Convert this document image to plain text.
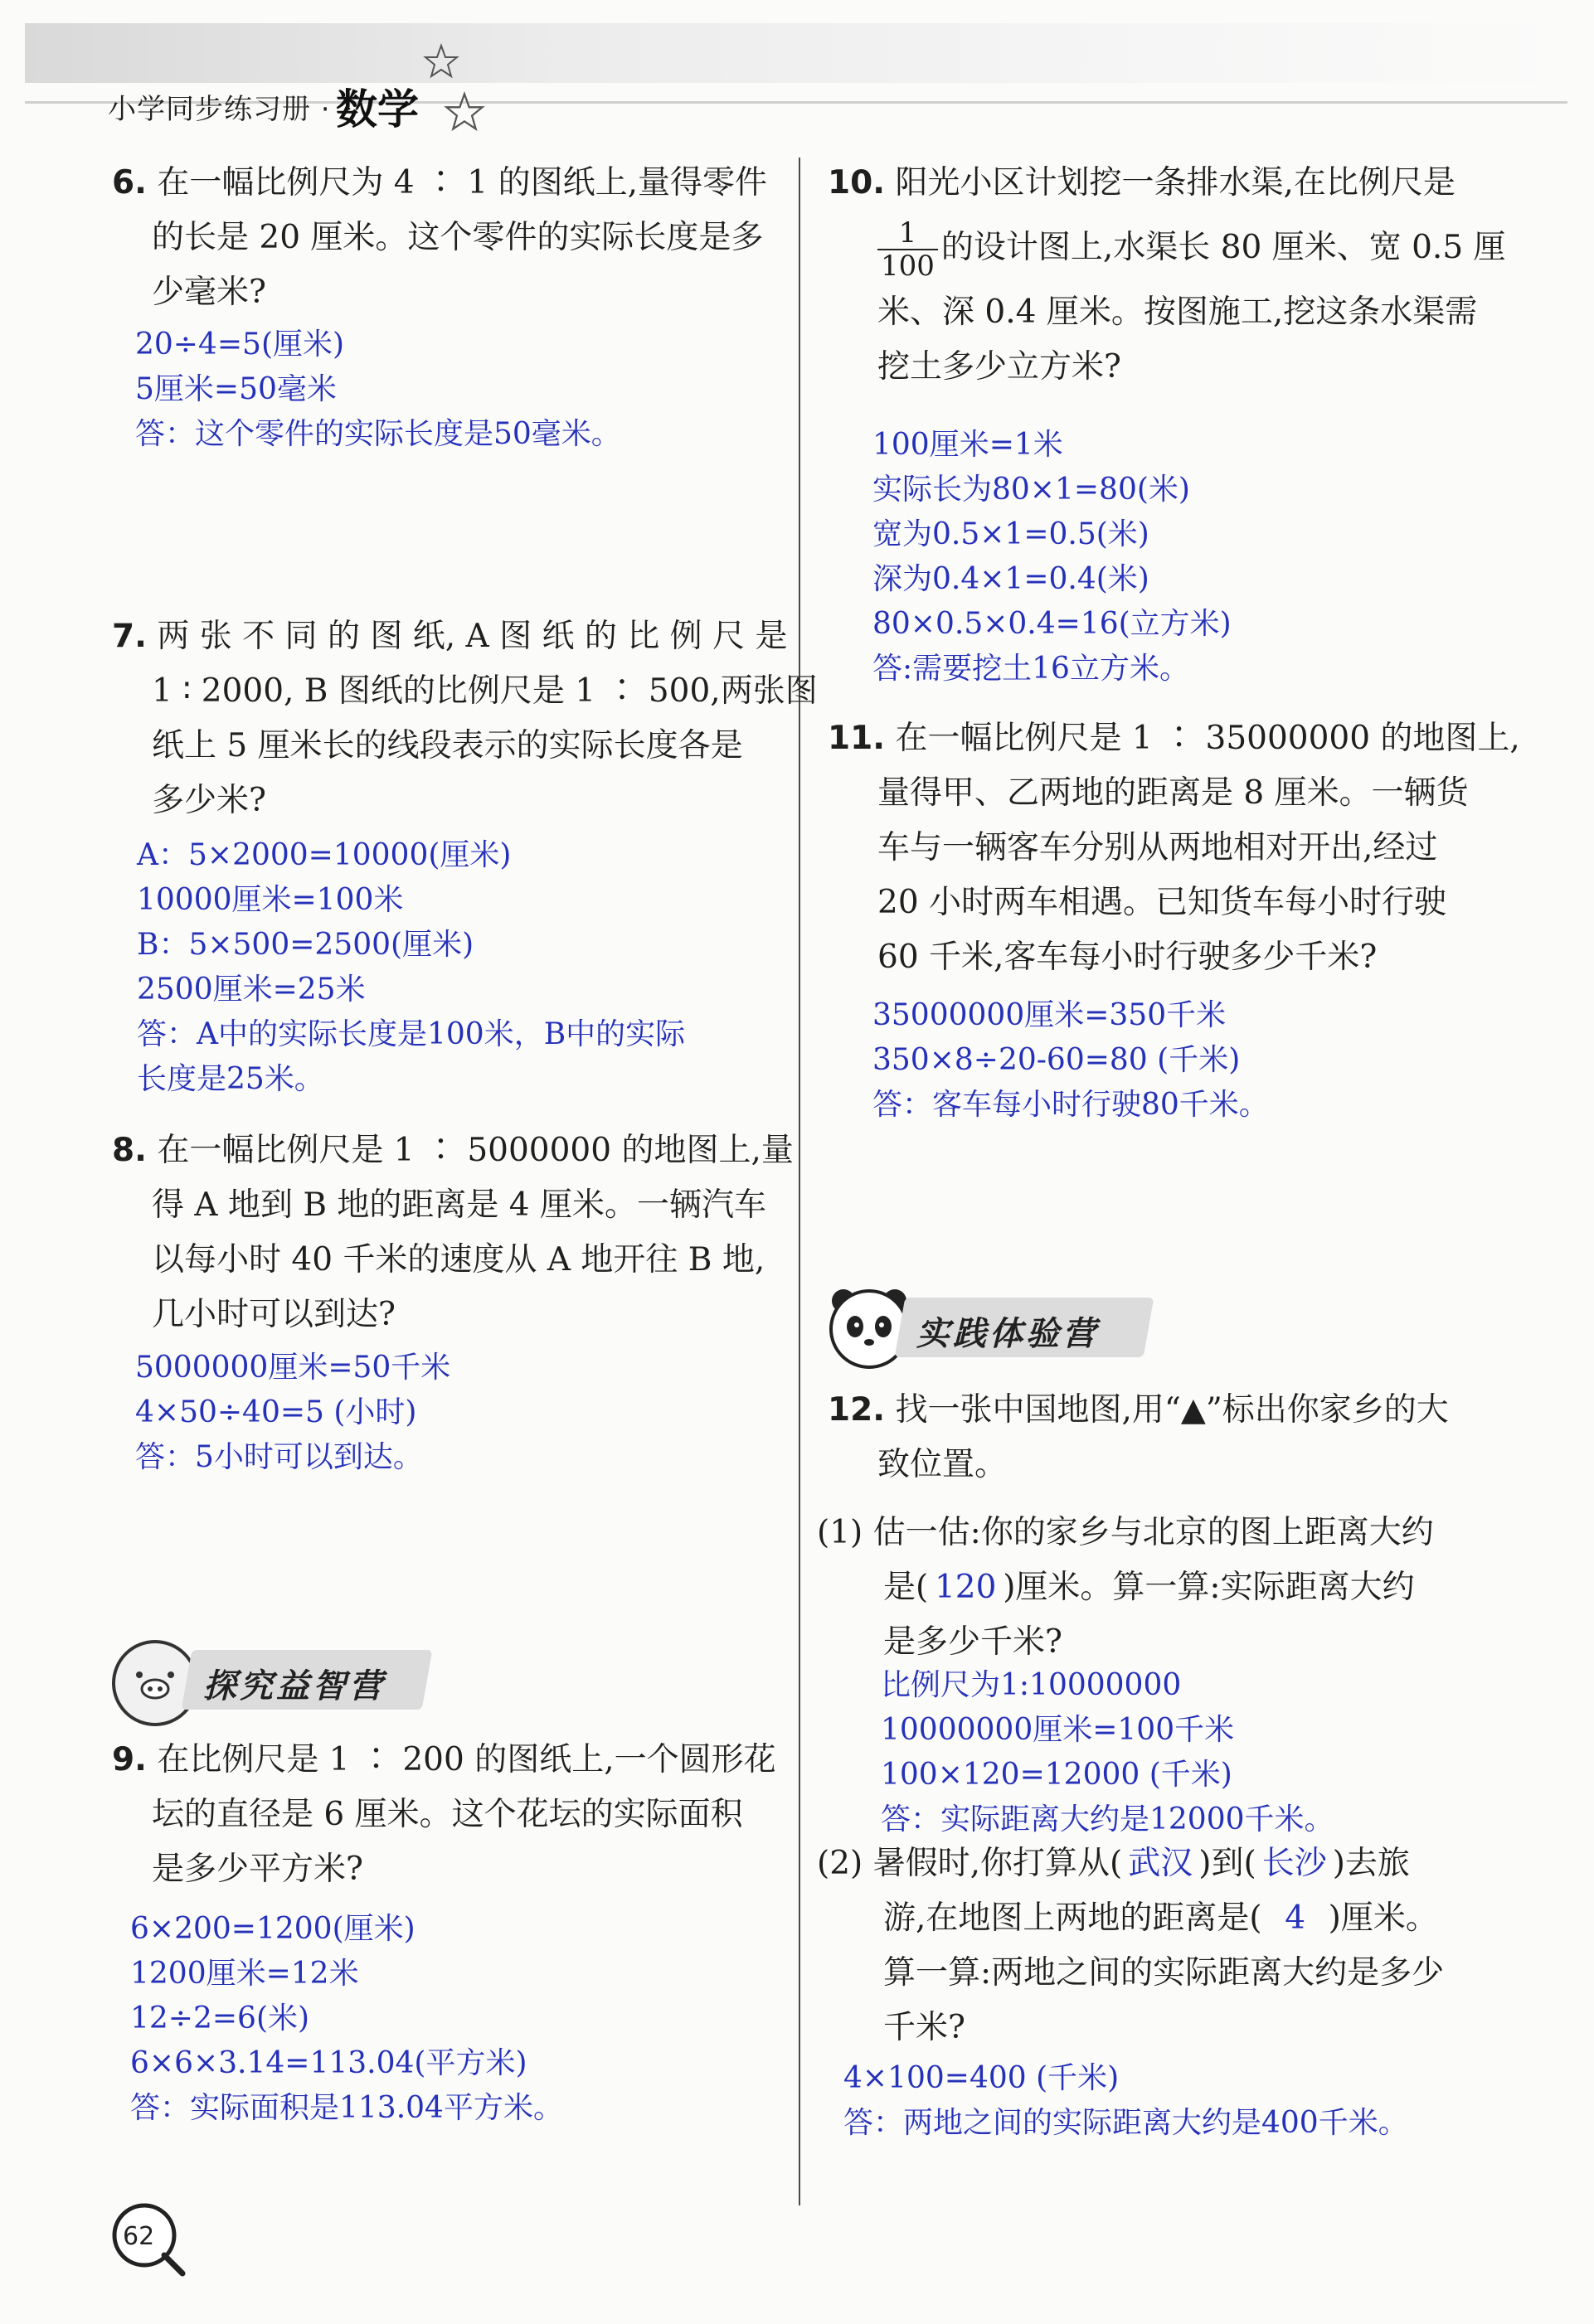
小学同步练习册 · 数学
6. 在一幅比例尺为 4 ∶ 1 的图纸上,量得零件
的长是 20 厘米。这个零件的实际长度是多
少毫米?
20÷4=5(厘米)
5厘米=50毫米
答：这个零件的实际长度是50毫米。
7. 两 张 不 同 的 图 纸, A 图 纸 的 比 例 尺 是
1 ∶ 2000, B 图纸的比例尺是 1 ∶ 500,两张图
纸上 5 厘米长的线段表示的实际长度各是
多少米?
A：5×2000=10000(厘米)
10000厘米=100米
B：5×500=2500(厘米)
2500厘米=25米
答：A中的实际长度是100米，B中的实际
长度是25米。
8. 在一幅比例尺是 1 ∶ 5000000 的地图上,量
得 A 地到 B 地的距离是 4 厘米。一辆汽车
以每小时 40 千米的速度从 A 地开往 B 地,
几小时可以到达?
5000000厘米=50千米
4×50÷40=5 (小时)
答：5小时可以到达。
探究益智营
9. 在比例尺是 1 ∶ 200 的图纸上,一个圆形花
坛的直径是 6 厘米。这个花坛的实际面积
是多少平方米?
6×200=1200(厘米)
1200厘米=12米
12÷2=6(米)
6×6×3.14=113.04(平方米)
答：实际面积是113.04平方米。
62
10. 阳光小区计划挖一条排水渠,在比例尺是
$\frac{1}{100}$ 的设计图上,水渠长 80 厘米、宽 0.5 厘
米、深 0.4 厘米。按图施工,挖这条水渠需
挖土多少立方米?
100厘米=1米
实际长为80×1=80(米)
宽为0.5×1=0.5(米)
深为0.4×1=0.4(米)
80×0.5×0.4=16(立方米)
答:需要挖土16立方米。
11. 在一幅比例尺是 1 ∶ 35000000 的地图上,
量得甲、乙两地的距离是 8 厘米。一辆货
车与一辆客车分别从两地相对开出,经过
20 小时两车相遇。已知货车每小时行驶
60 千米,客车每小时行驶多少千米?
35000000厘米=350千米
350×8÷20-60=80 (千米)
答：客车每小时行驶80千米。
实践体验营
12. 找一张中国地图,用“▲”标出你家乡的大
致位置。
(1) 估一估:你的家乡与北京的图上距离大约
是( 120 )厘米。算一算:实际距离大约
是多少千米?
比例尺为1:10000000
10000000厘米=100千米
100×120=12000 (千米)
答：实际距离大约是12000千米。
(2) 暑假时,你打算从( 武汉 )到( 长沙 )去旅
游,在地图上两地的距离是( 4 )厘米。
算一算:两地之间的实际距离大约是多少
千米?
4×100=400 (千米)
答：两地之间的实际距离大约是400千米。
